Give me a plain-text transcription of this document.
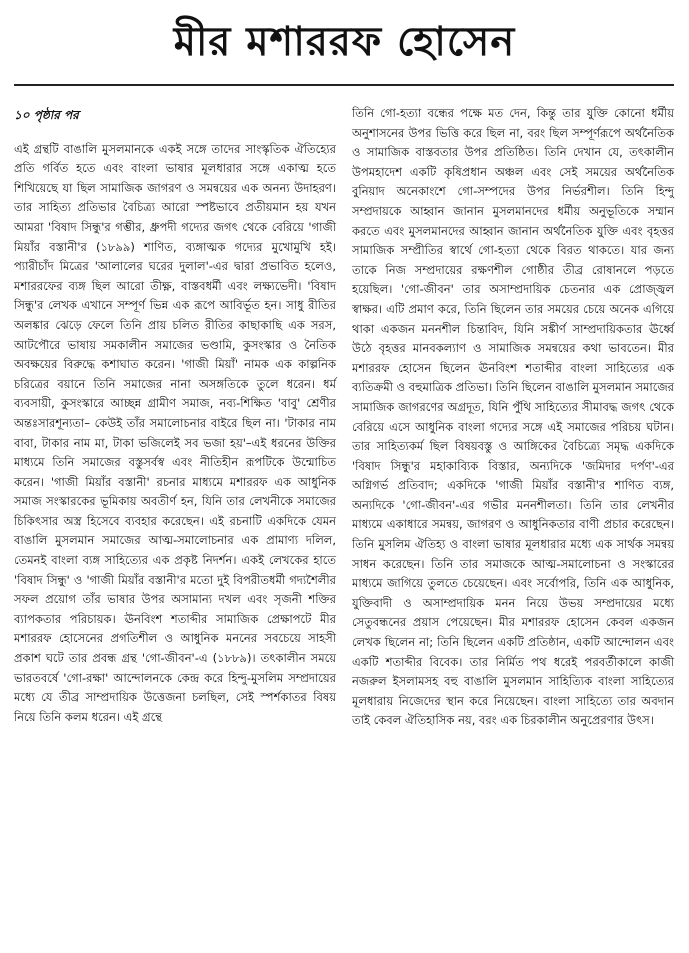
মীর মশাররফ হোসেন

১০ পৃষ্ঠার পর

এই গ্রন্থটি বাঙালি মুসলমানকে একই সঙ্গে তাদের সাংস্কৃতিক ঐতিহ্যের প্রতি গর্বিত হতে এবং বাংলা ভাষার মূলধারার সঙ্গে একাত্ম হতে শিখিয়েছে যা ছিল সামাজিক জাগরণ ও সমন্বয়ের এক অনন্য উদাহরণ। তার সাহিত্য প্রতিভার বৈচিত্র্য আরো স্পষ্টভাবে প্রতীয়মান হয় যখন আমরা 'বিষাদ সিন্ধু'র গম্ভীর, ধ্রুপদী গদ্যের জগৎ থেকে বেরিয়ে 'গাজী মিয়াঁর বস্তানী'র (১৮৯৯) শাণিত, ব্যঙ্গাত্মক গদ্যের মুখোমুখি হই। প্যারীচাঁদ মিত্রের 'আলালের ঘরের দুলাল'-এর দ্বারা প্রভাবিত হলেও, মশাররফের ব্যঙ্গ ছিল আরো তীক্ষ্ণ, বাস্তবধর্মী এবং লক্ষ্যভেদী। 'বিষাদ সিন্ধু'র লেখক এখানে সম্পূর্ণ ভিন্ন এক রূপে আবির্ভূত হন। সাধু রীতির অলঙ্কার ঝেড়ে ফেলে তিনি প্রায় চলিত রীতির কাছাকাছি এক সরস, আটপৌরে ভাষায় সমকালীন সমাজের ভণ্ডামি, কুসংস্কার ও নৈতিক অবক্ষয়ের বিরুদ্ধে কশাঘাত করেন। 'গাজী মিয়াঁ' নামক এক কাল্পনিক চরিত্রের বয়ানে তিনি সমাজের নানা অসঙ্গতিকে তুলে ধরেন। ধর্ম ব্যবসায়ী, কুসংস্কারে আচ্ছন্ন গ্রামীণ সমাজ, নব্য-শিক্ষিত 'বাবু' শ্রেণীর অন্তঃসারশূন্যতা– কেউই তাঁর সমালোচনার বাইরে ছিল না। 'টাকার নাম বাবা, টাকার নাম মা, টাকা ভজিলেই সব ভজা হয়'–এই ধরনের উক্তির মাধ্যমে তিনি সমাজের বস্তুসর্বস্ব এবং নীতিহীন রূপটিকে উন্মোচিত করেন। 'গাজী মিয়াঁর বস্তানী' রচনার মাধ্যমে মশাররফ এক আধুনিক সমাজ সংস্কারকের ভূমিকায় অবতীর্ণ হন, যিনি তার লেখনীকে সমাজের চিকিৎসার অস্ত্র হিসেবে ব্যবহার করেছেন। এই রচনাটি একদিকে যেমন বাঙালি মুসলমান সমাজের আত্ম-সমালোচনার এক প্রামাণ্য দলিল, তেমনই বাংলা ব্যঙ্গ সাহিত্যের এক প্রকৃষ্ট নিদর্শন। একই লেখকের হাতে 'বিষাদ সিন্ধু' ও 'গাজী মিয়াঁর বস্তানী'র মতো দুই বিপরীতধর্মী গদ্যশৈলীর সফল প্রয়োগ তাঁর ভাষার উপর অসামান্য দখল এবং সৃজনী শক্তির ব্যাপকতার পরিচায়ক। ঊনবিংশ শতাব্দীর সামাজিক প্রেক্ষাপটে মীর মশাররফ হোসেনের প্রগতিশীল ও আধুনিক মননের সবচেয়ে সাহসী প্রকাশ ঘটে তার প্রবন্ধ গ্রন্থ 'গো-জীবন'-এ (১৮৮৯)। তৎকালীন সময়ে ভারতবর্ষে 'গো-রক্ষা' আন্দোলনকে কেন্দ্র করে হিন্দু-মুসলিম সম্প্রদায়ের মধ্যে যে তীব্র সাম্প্রদায়িক উত্তেজনা চলছিল, সেই স্পর্শকাতর বিষয় নিয়ে তিনি কলম ধরেন। এই গ্রন্থে

তিনি গো-হত্যা বন্ধের পক্ষে মত দেন, কিন্তু তার যুক্তি কোনো ধর্মীয় অনুশাসনের উপর ভিত্তি করে ছিল না, বরং ছিল সম্পূর্ণরূপে অর্থনৈতিক ও সামাজিক বাস্তবতার উপর প্রতিষ্ঠিত। তিনি দেখান যে, তৎকালীন উপমহাদেশ একটি কৃষিপ্রধান অঞ্চল এবং সেই সময়ের অর্থনৈতিক বুনিয়াদ অনেকাংশে গো-সম্পদের উপর নির্ভরশীল। তিনি হিন্দু সম্প্রদায়কে আহ্বান জানান মুসলমানদের ধর্মীয় অনুভূতিকে সম্মান করতে এবং মুসলমানদের আহ্বান জানান অর্থনৈতিক যুক্তি এবং বৃহত্তর সামাজিক সম্প্রীতির স্বার্থে গো-হত্যা থেকে বিরত থাকতে। যার জন্য তাকে নিজ সম্প্রদায়ের রক্ষণশীল গোষ্ঠীর তীব্র রোষানলে পড়তে হয়েছিল। 'গো-জীবন' তার অসাম্প্রদায়িক চেতনার এক প্রোজ্জ্বল স্বাক্ষর। এটি প্রমাণ করে, তিনি ছিলেন তার সময়ের চেয়ে অনেক এগিয়ে থাকা একজন মননশীল চিন্তাবিদ, যিনি সঙ্কীর্ণ সাম্প্রদায়িকতার ঊর্ধ্বে উঠে বৃহত্তর মানবকল্যাণ ও সামাজিক সমন্বয়ের কথা ভাবতেন। মীর মশাররফ হোসেন ছিলেন ঊনবিংশ শতাব্দীর বাংলা সাহিত্যের এক ব্যতিক্রমী ও বহুমাত্রিক প্রতিভা। তিনি ছিলেন বাঙালি মুসলমান সমাজের সামাজিক জাগরণের অগ্রদূত, যিনি পুঁথি সাহিত্যের সীমাবদ্ধ জগৎ থেকে বেরিয়ে এসে আধুনিক বাংলা গদ্যের সঙ্গে এই সমাজের পরিচয় ঘটান। তার সাহিত্যকর্ম ছিল বিষয়বস্তু ও আঙ্গিকের বৈচিত্র্যে সমৃদ্ধ একদিকে 'বিষাদ সিন্ধু'র মহাকাব্যিক বিস্তার, অন্যদিকে 'জমিদার দর্পণ'-এর অগ্নিগর্ভ প্রতিবাদ; একদিকে 'গাজী মিয়াঁর বস্তানী'র শাণিত ব্যঙ্গ, অন্যদিকে 'গো-জীবন'-এর গভীর মননশীলতা। তিনি তার লেখনীর মাধ্যমে একাধারে সমন্বয়, জাগরণ ও আধুনিকতার বাণী প্রচার করেছেন। তিনি মুসলিম ঐতিহ্য ও বাংলা ভাষার মূলধারার মধ্যে এক সার্থক সমন্বয় সাধন করেছেন। তিনি তার সমাজকে আত্ম-সমালোচনা ও সংস্কারের মাধ্যমে জাগিয়ে তুলতে চেয়েছেন। এবং সর্বোপরি, তিনি এক আধুনিক, যুক্তিবাদী ও অসাম্প্রদায়িক মনন নিয়ে উভয় সম্প্রদায়ের মধ্যে সেতুবন্ধনের প্রয়াস পেয়েছেন। মীর মশাররফ হোসেন কেবল একজন লেখক ছিলেন না; তিনি ছিলেন একটি প্রতিষ্ঠান, একটি আন্দোলন এবং একটি শতাব্দীর বিবেক। তার নির্মিত পথ ধরেই পরবর্তীকালে কাজী নজরুল ইসলামসহ বহু বাঙালি মুসলমান সাহিত্যিক বাংলা সাহিত্যের মূলধারায় নিজেদের স্থান করে নিয়েছেন। বাংলা সাহিত্যে তার অবদান তাই কেবল ঐতিহাসিক নয়, বরং এক চিরকালীন অনুপ্রেরণার উৎস।
